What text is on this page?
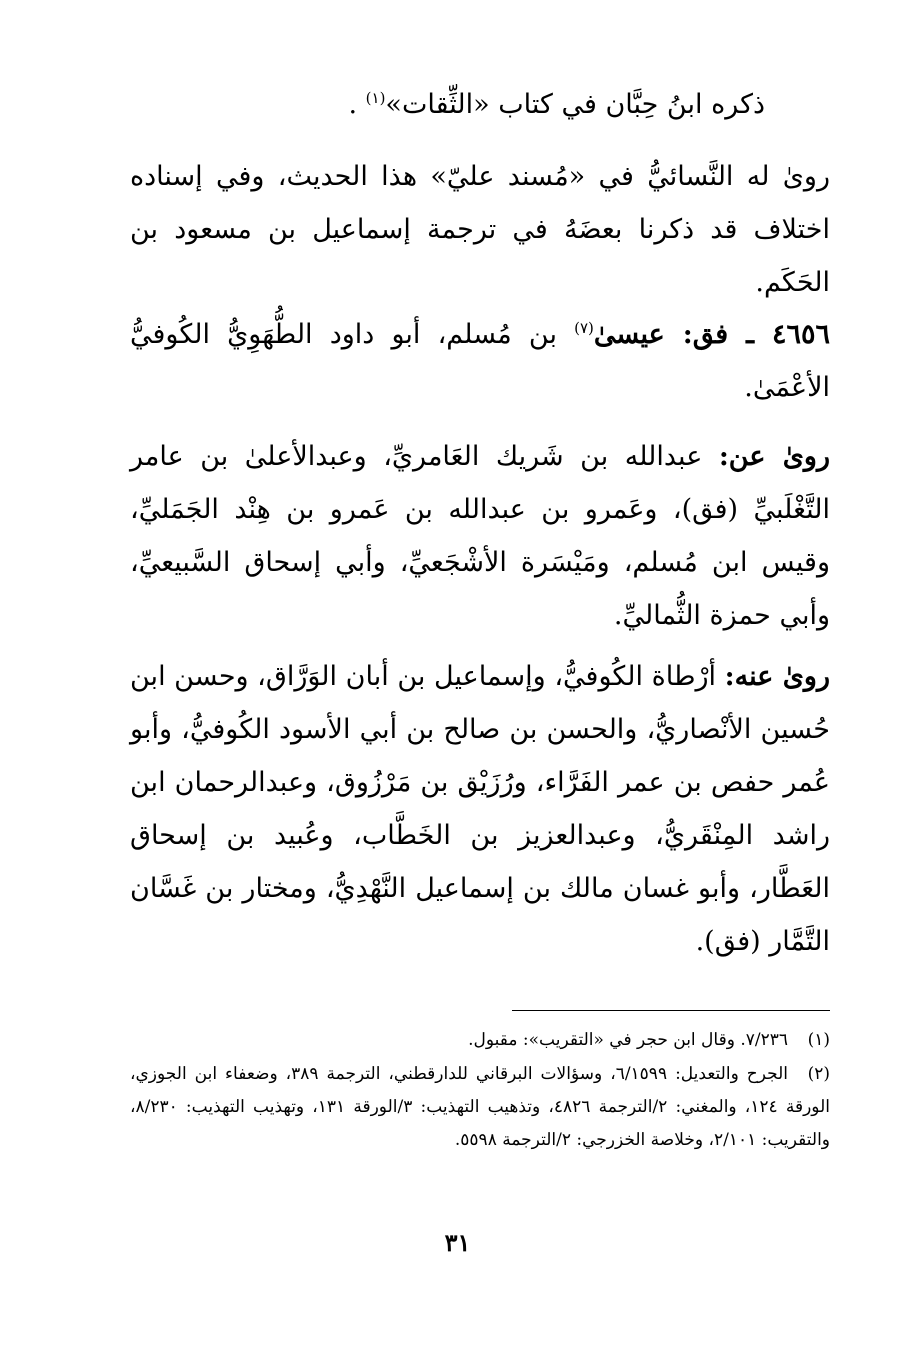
ذكره ابنُ حِبَّان في كتاب «الثِّقات»$^{(١)}$ .

روىٰ له النَّسائيُّ في «مُسند عليّ» هذا الحديث، وفي إسناده اختلاف قد ذكرنا بعضَهُ في ترجمة إسماعيل بن مسعود بن الحَكَم.

٤٦٥٦ ـ فق: عيسىٰ$^{(٧)}$ بن مُسلم، أبو داود الطُّهَوِيُّ الكُوفيُّ الأعْمَىٰ.

روىٰ عن: عبدالله بن شَريك العَامريِّ، وعبدالأعلىٰ بن عامر التَّغْلَبيِّ (فق)، وعَمرو بن عبدالله بن عَمرو بن هِنْد الجَمَليِّ، وقيس ابن مُسلم، ومَيْسَرة الأشْجَعيِّ، وأبي إسحاق السَّبيعيِّ، وأبي حمزة الثُّماليِّ.

روىٰ عنه: أرْطاة الكُوفيُّ، وإسماعيل بن أبان الوَرَّاق، وحسن ابن حُسين الأنْصاريُّ، والحسن بن صالح بن أبي الأسود الكُوفيُّ، وأبو عُمر حفص بن عمر الفَرَّاء، ورُزَيْق بن مَرْزُوق، وعبدالرحمان ابن راشد المِنْقَريُّ، وعبدالعزيز بن الخَطَّاب، وعُبيد بن إسحاق العَطَّار، وأبو غسان مالك بن إسماعيل النَّهْدِيُّ، ومختار بن غَسَّان التَّمَّار (فق).

(١)٧/٢٣٦. وقال ابن حجر في «التقريب»: مقبول.

(٢)الجرح والتعديل: ٦/١٥٩٩، وسؤالات البرقاني للدارقطني، الترجمة ٣٨٩، وضعفاء ابن الجوزي، الورقة ١٢٤، والمغني: ٢/الترجمة ٤٨٢٦، وتذهيب التهذيب: ٣/الورقة ١٣١، وتهذيب التهذيب: ٨/٢٣٠، والتقريب: ٢/١٠١، وخلاصة الخزرجي: ٢/الترجمة ٥٥٩٨.

٣١
